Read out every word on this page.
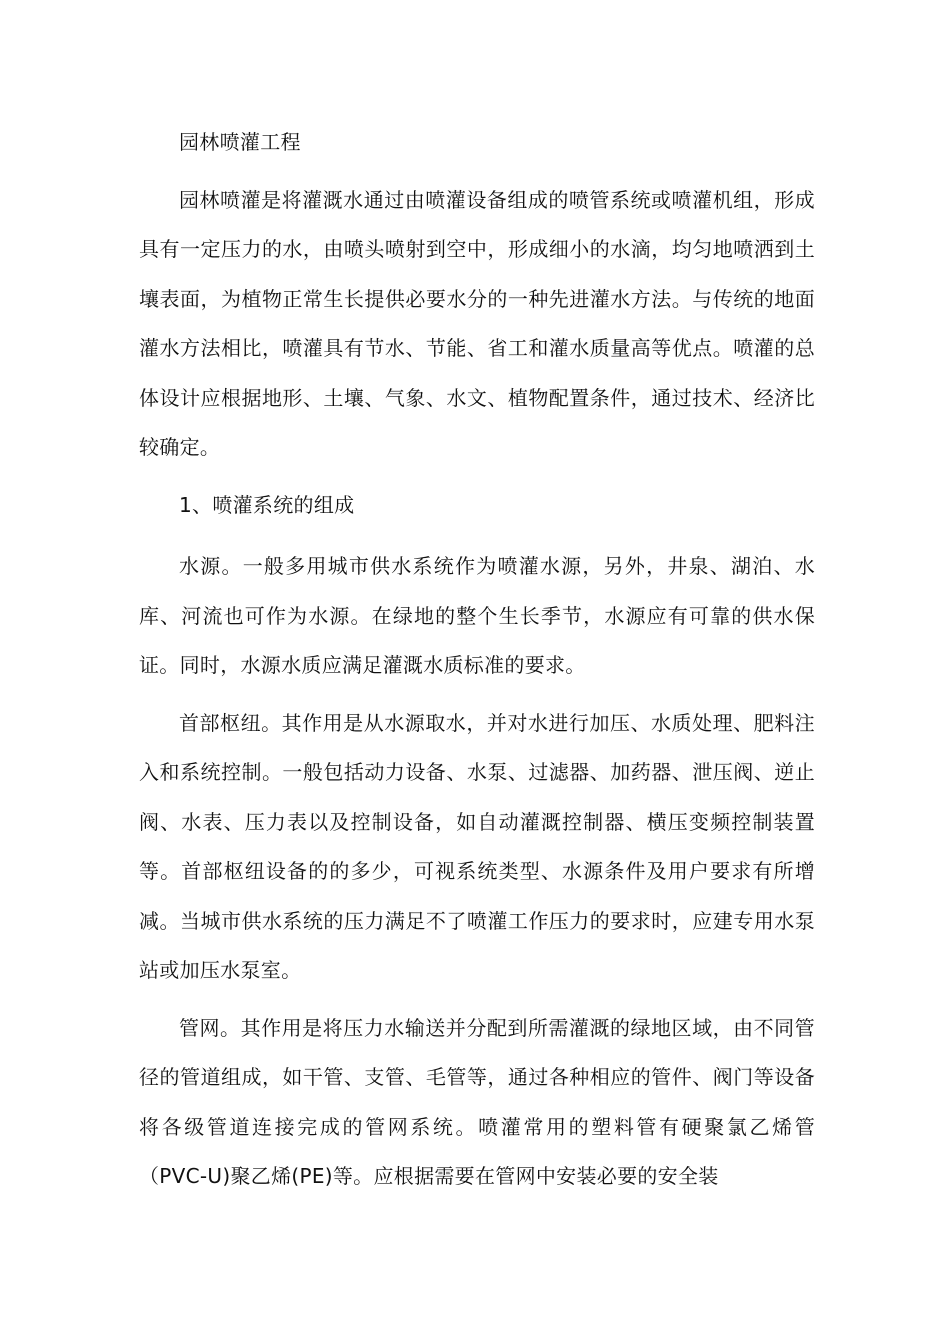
园林喷灌工程

园林喷灌是将灌溉水通过由喷灌设备组成的喷管系统或喷灌机组，形成具有一定压力的水，由喷头喷射到空中，形成细小的水滴，均匀地喷洒到土壤表面，为植物正常生长提供必要水分的一种先进灌水方法。与传统的地面灌水方法相比，喷灌具有节水、节能、省工和灌水质量高等优点。喷灌的总体设计应根据地形、土壤、气象、水文、植物配置条件，通过技术、经济比较确定。

1、喷灌系统的组成

水源。一般多用城市供水系统作为喷灌水源，另外，井泉、湖泊、水库、河流也可作为水源。在绿地的整个生长季节，水源应有可靠的供水保证。同时，水源水质应满足灌溉水质标准的要求。

首部枢纽。其作用是从水源取水，并对水进行加压、水质处理、肥料注入和系统控制。一般包括动力设备、水泵、过滤器、加药器、泄压阀、逆止阀、水表、压力表以及控制设备，如自动灌溉控制器、横压变频控制装置等。首部枢纽设备的的多少，可视系统类型、水源条件及用户要求有所增减。当城市供水系统的压力满足不了喷灌工作压力的要求时，应建专用水泵站或加压水泵室。

管网。其作用是将压力水输送并分配到所需灌溉的绿地区域，由不同管径的管道组成，如干管、支管、毛管等，通过各种相应的管件、阀门等设备将各级管道连接完成的管网系统。喷灌常用的塑料管有硬聚氯乙烯管（PVC-U)聚乙烯(PE)等。应根据需要在管网中安装必要的安全装
